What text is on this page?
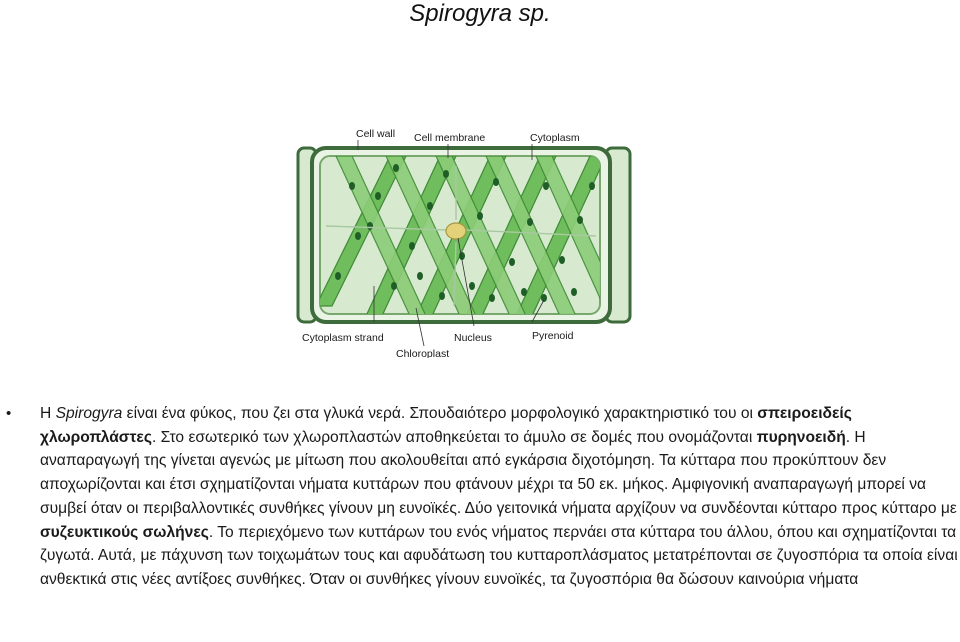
Spirogyra sp.
Cell wall Cell membrane	Cytoplasm
Cytoplasm strand	Nucleus	Pyrenoid
Chloroplast
• Η Spirogyra είναι ένα φύκος, που ζει στα γλυκά νερά. Σπουδαιότερο μορφολογικό χαρακτηριστικό του οι σπειροειδείς χλωροπλάστες. Στο εσωτερικό των χλωροπλαστών αποθηκεύεται το άμυλο σε δομές που ονομάζονται πυρηνοειδή. Η αναπαραγωγή της γίνεται αγενώς με μίτωση που ακολουθείται από εγκάρσια διχοτόμηση. Τα κύτταρα που προκύπτουν δεν αποχωρίζονται και έτσι σχηματίζονται νήματα κυττάρων που φτάνουν μέχρι τα 50 εκ. μήκος. Αμφιγονική αναπαραγωγή μπορεί να συμβεί όταν οι περιβαλλοντικές συνθήκες γίνουν μη ευνοϊκές. Δύο γειτονικά νήματα αρχίζουν να συνδέονται κύτταρο προς κύτταρο με συζευκτικούς σωλήνες. Το περιεχόμενο των κυττάρων του ενός νήματος περνάει στα κύτταρα του άλλου, όπου και σχηματίζονται τα ζυγωτά. Αυτά, με πάχυνση των τοιχωμάτων τους και αφυδάτωση του κυτταροπλάσματος μετατρέπονται σε ζυγοσπόρια τα οποία είναι ανθεκτικά στις νέες αντίξοες συνθήκες. Όταν οι συνθήκες γίνουν ευνοϊκές, τα ζυγοσπόρια θα δώσουν καινούρια νήματα
